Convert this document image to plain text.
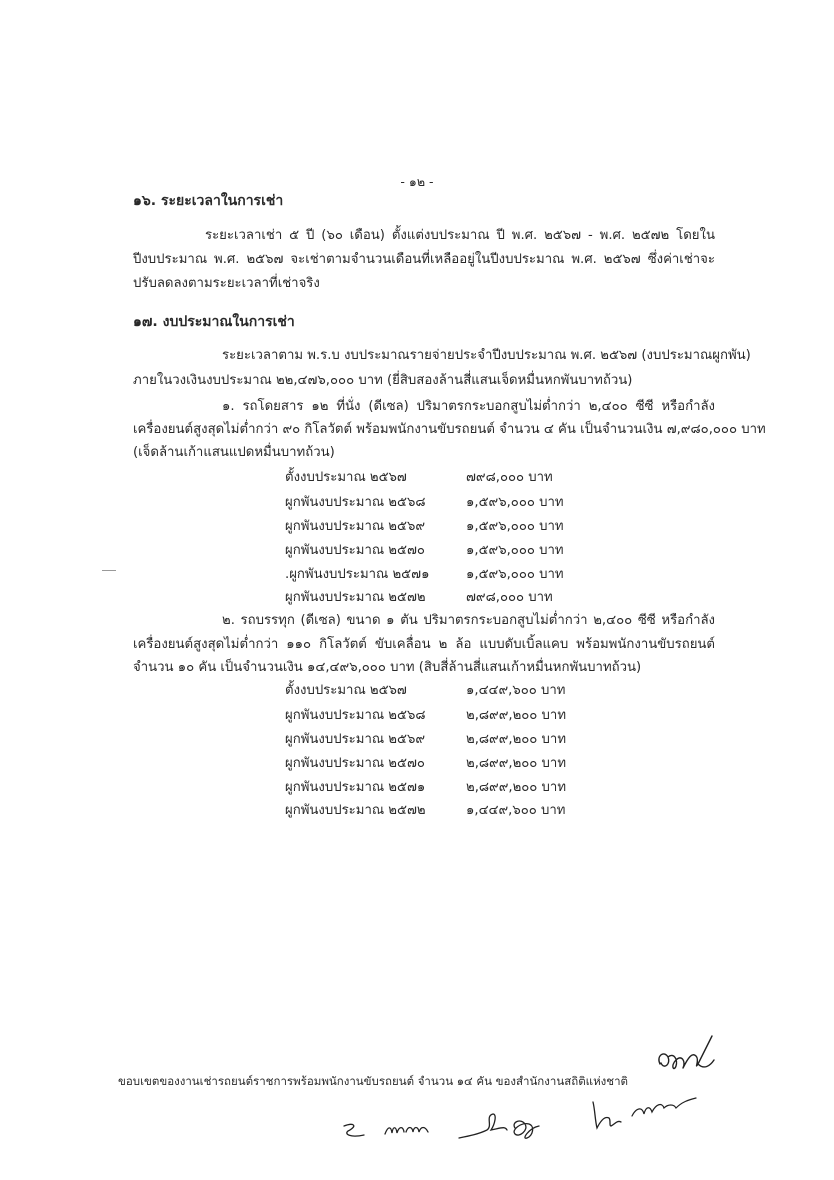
- ๑๒ -
๑๖. ระยะเวลาในการเช่า

ระยะเวลาเช่า ๕ ปี (๖๐ เดือน) ตั้งแต่งบประมาณ ปี พ.ศ. ๒๕๖๗ - พ.ศ. ๒๕๗๒ โดยในปีงบประมาณ พ.ศ. ๒๕๖๗ จะเช่าตามจำนวนเดือนที่เหลืออยู่ในปีงบประมาณ พ.ศ. ๒๕๖๗ ซึ่งค่าเช่าจะปรับลดลงตามระยะเวลาที่เช่าจริง

๑๗. งบประมาณในการเช่า
ระยะเวลาตาม พ.ร.บ งบประมาณรายจ่ายประจำปีงบประมาณ พ.ศ. ๒๕๖๗ (งบประมาณผูกพัน)
ภายในวงเงินงบประมาณ ๒๒,๔๗๖,๐๐๐ บาท (ยี่สิบสองล้านสี่แสนเจ็ดหมื่นหกพันบาทถ้วน)
๑. รถโดยสาร ๑๒ ที่นั่ง (ดีเซล) ปริมาตรกระบอกสูบไม่ต่ำกว่า ๒,๔๐๐ ซีซี หรือกำลัง
เครื่องยนต์สูงสุดไม่ต่ำกว่า ๙๐ กิโลวัตต์ พร้อมพนักงานขับรถยนต์ จำนวน ๔ คัน เป็นจำนวนเงิน ๗,๙๘๐,๐๐๐ บาท
(เจ็ดล้านเก้าแสนแปดหมื่นบาทถ้วน)
ตั้งงบประมาณ ๒๕๖๗	๗๙๘,๐๐๐ บาท
ผูกพันงบประมาณ ๒๕๖๘	๑,๕๙๖,๐๐๐ บาท
ผูกพันงบประมาณ ๒๕๖๙	๑,๕๙๖,๐๐๐ บาท
ผูกพันงบประมาณ ๒๕๗๐	๑,๕๙๖,๐๐๐ บาท
.ผูกพันงบประมาณ ๒๕๗๑	๑,๕๙๖,๐๐๐ บาท
ผูกพันงบประมาณ ๒๕๗๒	๗๙๘,๐๐๐ บาท
๒. รถบรรทุก (ดีเซล) ขนาด ๑ ตัน ปริมาตรกระบอกสูบไม่ต่ำกว่า ๒,๔๐๐ ซีซี หรือกำลัง
เครื่องยนต์สูงสุดไม่ต่ำกว่า ๑๑๐ กิโลวัตต์ ขับเคลื่อน ๒ ล้อ แบบดับเบิ้ลแคบ พร้อมพนักงานขับรถยนต์
จำนวน ๑๐ คัน เป็นจำนวนเงิน ๑๔,๔๙๖,๐๐๐ บาท (สิบสี่ล้านสี่แสนเก้าหมื่นหกพันบาทถ้วน)
ตั้งงบประมาณ ๒๕๖๗	๑,๔๔๙,๖๐๐ บาท
ผูกพันงบประมาณ ๒๕๖๘	๒,๘๙๙,๒๐๐ บาท
ผูกพันงบประมาณ ๒๕๖๙	๒,๘๙๙,๒๐๐ บาท
ผูกพันงบประมาณ ๒๕๗๐	๒,๘๙๙,๒๐๐ บาท
ผูกพันงบประมาณ ๒๕๗๑	๒,๘๙๙,๒๐๐ บาท
ผูกพันงบประมาณ ๒๕๗๒	๑,๔๔๙,๖๐๐ บาท
ขอบเขตของงานเช่ารถยนต์ราชการพร้อมพนักงานขับรถยนต์ จำนวน ๑๔ คัน ของสำนักงานสถิติแห่งชาติ
